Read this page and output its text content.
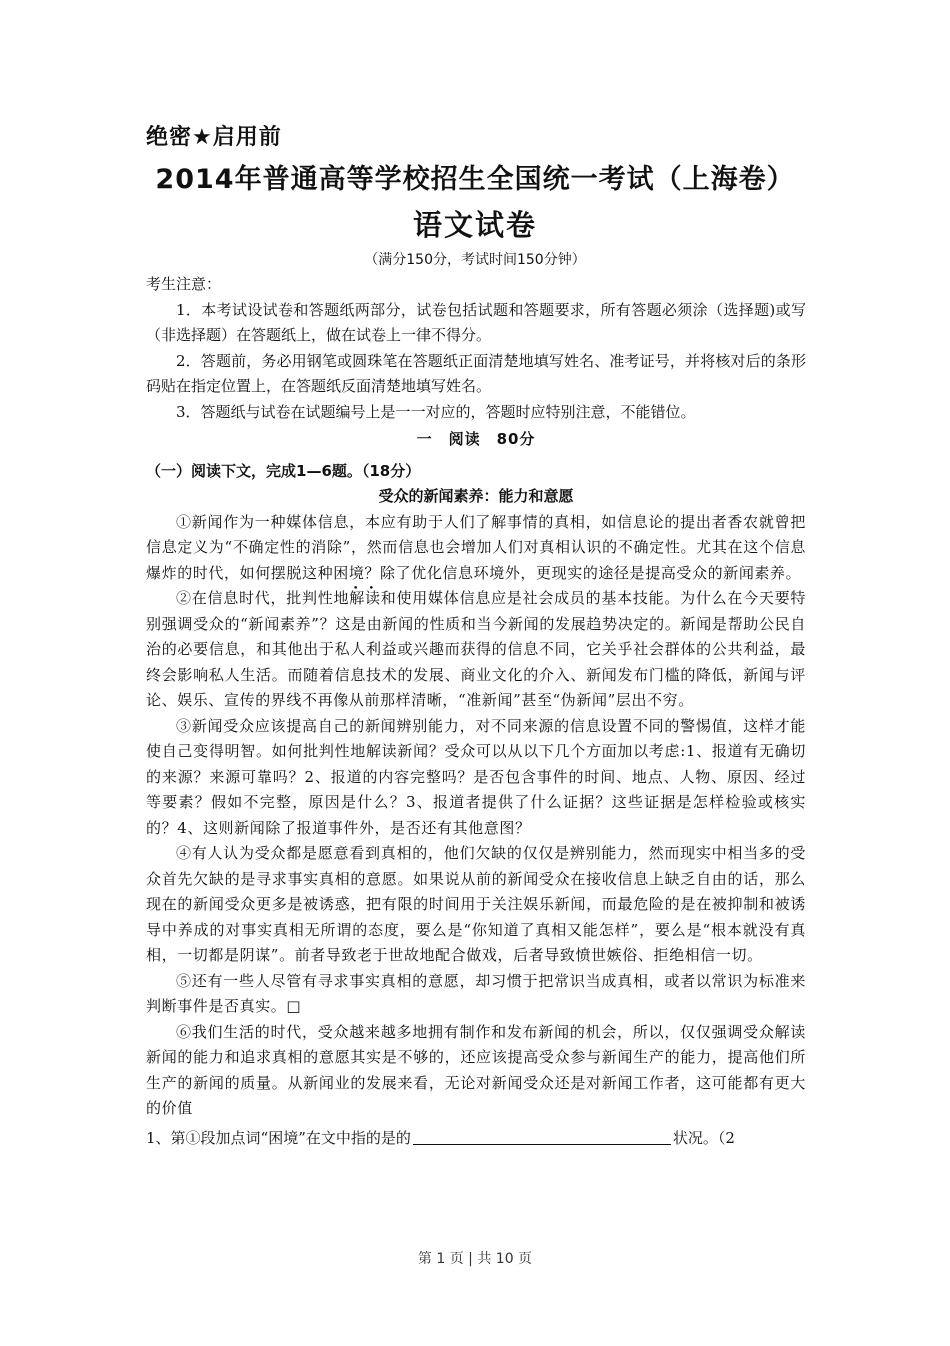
绝密★启用前
2014年普通高等学校招生全国统一考试（上海卷）
语文试卷
（满分150分，考试时间150分钟）

考生注意：

1．本考试设试卷和答题纸两部分，试卷包括试题和答题要求，所有答题必须涂（选择题)或写（非选择题）在答题纸上，做在试卷上一律不得分。

2．答题前，务必用钢笔或圆珠笔在答题纸正面清楚地填写姓名、准考证号，并将核对后的条形码贴在指定位置上，在答题纸反面清楚地填写姓名。

3．答题纸与试卷在试题编号上是一一对应的，答题时应特别注意，不能错位。

一　阅读　80分

（一）阅读下文，完成1—6题。（18分）

受众的新闻素养：能力和意愿

①新闻作为一种媒体信息，本应有助于人们了解事情的真相，如信息论的提出者香农就曾把信息定义为“不确定性的消除”，然而信息也会增加人们对真相认识的不确定性。尤其在这个信息爆炸的时代，如何摆脱这种困境？除了优化信息环境外，更现实的途径是提高受众的新闻素养。

②在信息时代，批判性地解读和使用媒体信息应是社会成员的基本技能。为什么在今天要特别强调受众的“新闻素养”？这是由新闻的性质和当今新闻的发展趋势决定的。新闻是帮助公民自治的必要信息，和其他出于私人利益或兴趣而获得的信息不同，它关乎社会群体的公共利益，最终会影响私人生活。而随着信息技术的发展、商业文化的介入、新闻发布门槛的降低，新闻与评论、娱乐、宣传的界线不再像从前那样清晰，“准新闻”甚至“伪新闻”层出不穷。

③新闻受众应该提高自己的新闻辨别能力，对不同来源的信息设置不同的警惕值，这样才能使自己变得明智。如何批判性地解读新闻？受众可以从以下几个方面加以考虑:1、报道有无确切的来源？来源可靠吗？2、报道的内容完整吗？是否包含事件的时间、地点、人物、原因、经过等要素？假如不完整，原因是什么？3、报道者提供了什么证据？这些证据是怎样检验或核实的？4、这则新闻除了报道事件外，是否还有其他意图？

④有人认为受众都是愿意看到真相的，他们欠缺的仅仅是辨别能力，然而现实中相当多的受众首先欠缺的是寻求事实真相的意愿。如果说从前的新闻受众在接收信息上缺乏自由的话，那么现在的新闻受众更多是被诱惑，把有限的时间用于关注娱乐新闻，而最危险的是在被抑制和被诱导中养成的对事实真相无所谓的态度，要么是“你知道了真相又能怎样”，要么是“根本就没有真相，一切都是阴谋”。前者导致老于世故地配合做戏，后者导致愤世嫉俗、拒绝相信一切。

⑤还有一些人尽管有寻求事实真相的意愿，却习惯于把常识当成真相，或者以常识为标准来判断事件是否真实。□

⑥我们生活的时代，受众越来越多地拥有制作和发布新闻的机会，所以，仅仅强调受众解读新闻的能力和追求真相的意愿其实是不够的，还应该提高受众参与新闻生产的能力，提高他们所生产的新闻的质量。从新闻业的发展来看，无论对新闻受众还是对新闻工作者，这可能都有更大的价值

1、第①段加点词“困境”在文中指的是的	状况。（2

第 1 页 | 共 10 页
